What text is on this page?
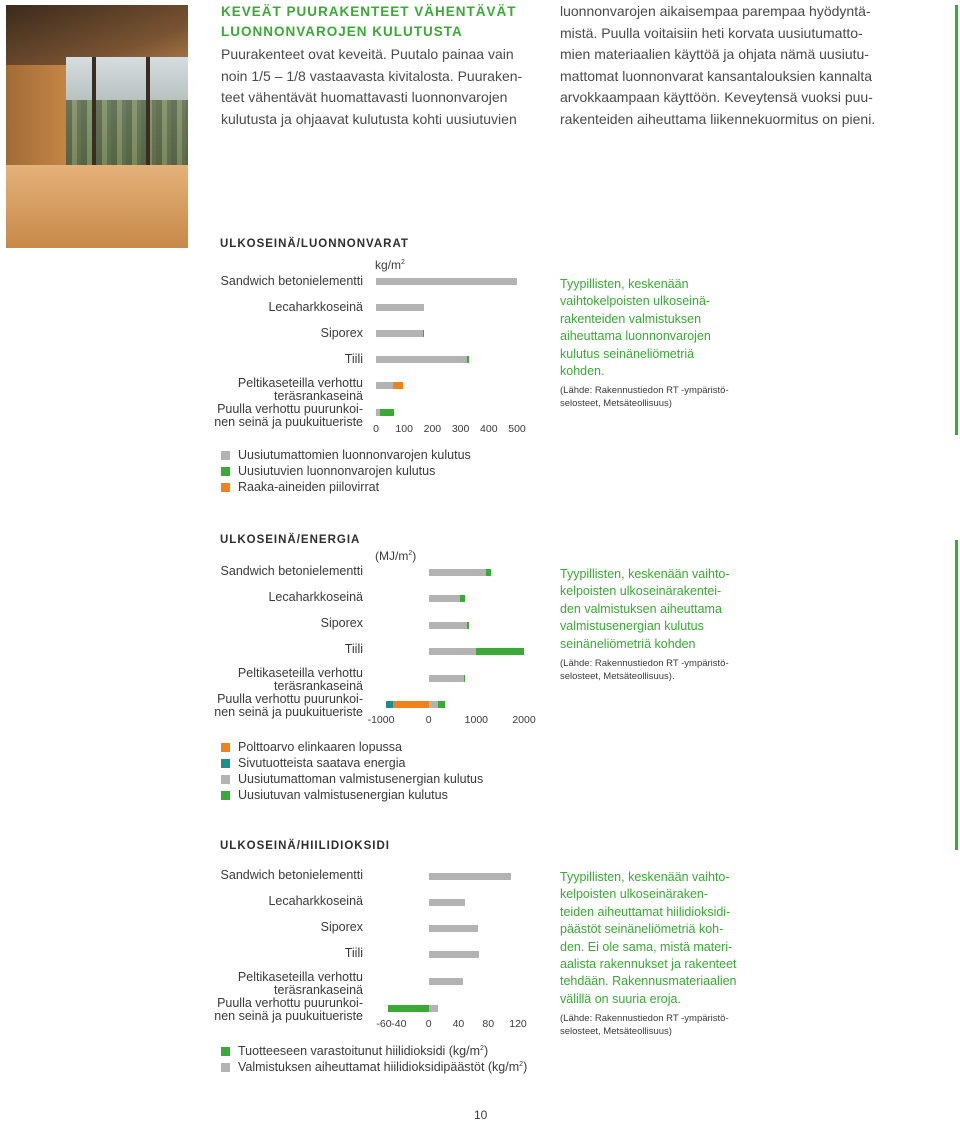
KEVEÄT PUURAKENTEET VÄHENTÄVÄT
LUONNONVAROJEN KULUTUSTA
Puurakenteet ovat keveitä. Puutalo painaa vain
noin 1/5 – 1/8 vastaavasta kivitalosta. Puuraken-
teet vähentävät huomattavasti luonnonvarojen
kulutusta ja ohjaavat kulutusta kohti uusiutuvien
luonnonvarojen aikaisempaa parempaa hyödyntä-
mistä. Puulla voitaisiin heti korvata uusiutumatto-
mien materiaalien käyttöä ja ohjata nämä uusiutu-
mattomat luonnonvarat kansantalouksien kannalta
arvokkaampaan käyttöön. Keveytensä vuoksi puu-
rakenteiden aiheuttama liikennekuormitus on pieni.
ULKOSEINÄ/LUONNONVARAT
$kg/m^2$
Sandwich betonielementti
Lecaharkkoseinä
Siporex
Tiili
Peltikaseteilla verhottu
teräsrankaseinä
Puulla verhottu puurunkoi-
nen seinä ja puukuitueriste
0 100 200 300 400 500
Tyypillisten, keskenään
vaihtokelpoisten ulkoseinä-
rakenteiden valmistuksen
aiheuttama luonnonvarojen
kulutus seinäneliömetriä
kohden.
(Lähde: Rakennustiedon RT -ympäristö-
selosteet, Metsäteollisuus)
Uusiutumattomien luonnonvarojen kulutus
Uusiutuvien luonnonvarojen kulutus
Raaka-aineiden piilovirrat
ULKOSEINÄ/ENERGIA
$(MJ/m^2)$
Sandwich betonielementti
Lecaharkkoseinä
Siporex
Tiili
Peltikaseteilla verhottu
teräsrankaseinä
Puulla verhottu puurunkoi-
nen seinä ja puukuitueriste
-1000	0	1000 2000
Tyypillisten, keskenään vaihto-
kelpoisten ulkoseinärakentei-
den valmistuksen aiheuttama
valmistusenergian kulutus
seinäneliömetriä kohden
(Lähde: Rakennustiedon RT -ympäristö-
selosteet, Metsäteollisuus).
Polttoarvo elinkaaren lopussa
Sivutuotteista saatava energia
Uusiutumattoman valmistusenergian kulutus
Uusiutuvan valmistusenergian kulutus
ULKOSEINÄ/HIILIDIOKSIDI
Sandwich betonielementti
Lecaharkkoseinä
Siporex
Tiili
Peltikaseteilla verhottu
teräsrankaseinä
Puulla verhottu puurunkoi-
nen seinä ja puukuitueriste
-60 -40 0 40 80 120
Tyypillisten, keskenään vaihto-
kelpoisten ulkoseinäraken-
teiden aiheuttamat hiilidioksidi-
päästöt seinäneliömetriä koh-
den. Ei ole sama, mistä materi-
aalista rakennukset ja rakenteet
tehdään. Rakennusmateriaalien
välillä on suuria eroja.
(Lähde: Rakennustiedon RT -ympäristö-
selosteet, Metsäteollisuus)
Tuotteeseen varastoitunut hiilidioksidi $(kg/m^2)$
Valmistuksen aiheuttamat hiilidioksidipäästöt $(kg/m^2)$
10
